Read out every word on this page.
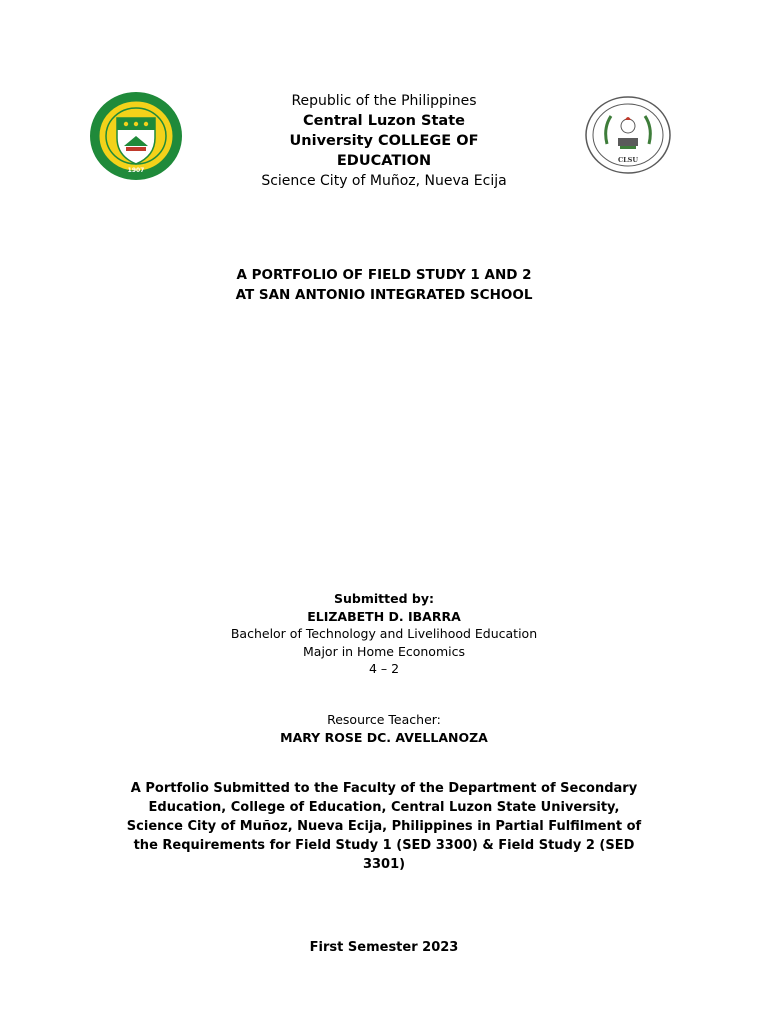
1907
CLSU
Republic of the Philippines
Central Luzon State
University COLLEGE OF
EDUCATION
Science City of Muñoz, Nueva Ecija
A PORTFOLIO OF FIELD STUDY 1 AND 2
AT SAN ANTONIO INTEGRATED SCHOOL
Submitted by:
ELIZABETH D. IBARRA
Bachelor of Technology and Livelihood Education
Major in Home Economics
4 – 2
Resource Teacher:
MARY ROSE DC. AVELLANOZA
A Portfolio Submitted to the Faculty of the Department of Secondary Education, College of Education, Central Luzon State University, Science City of Muñoz, Nueva Ecija, Philippines in Partial Fulfilment of the Requirements for Field Study 1 (SED 3300) & Field Study 2 (SED 3301)
First Semester 2023
